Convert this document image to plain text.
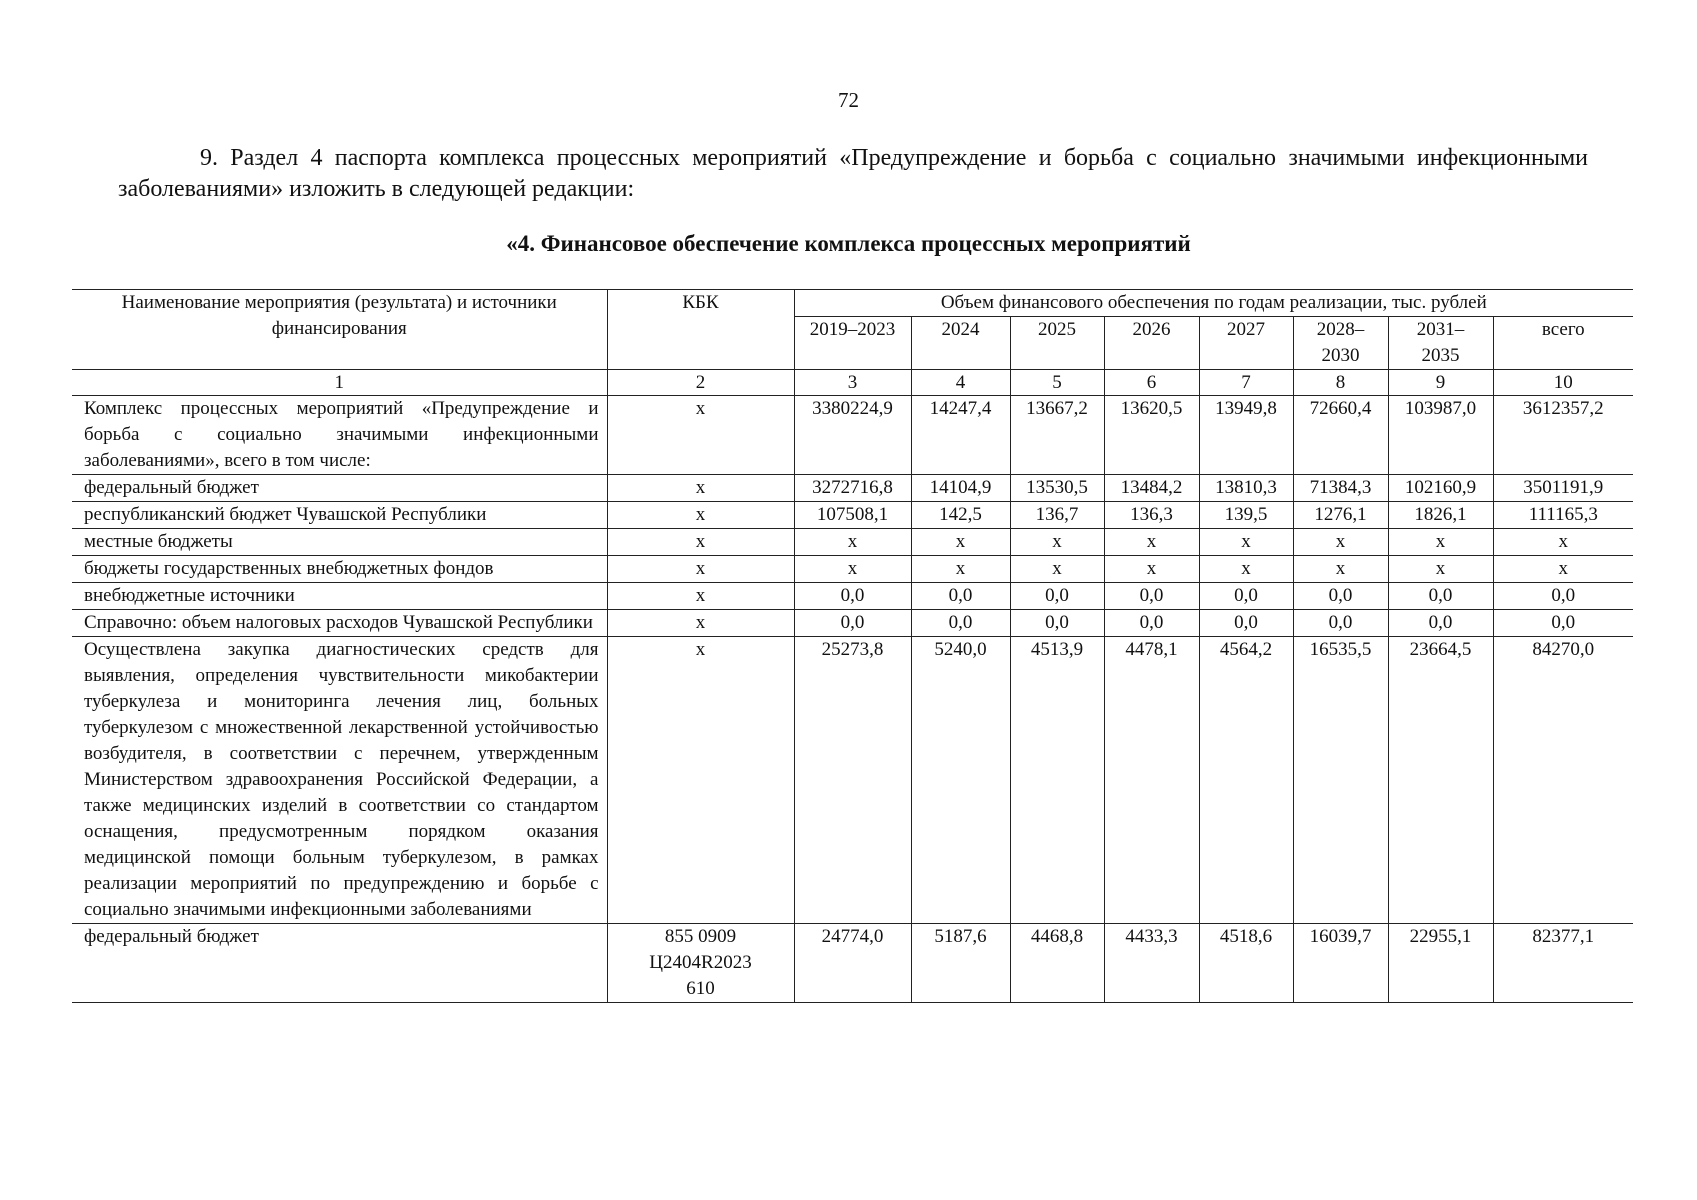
72
9. Раздел 4 паспорта комплекса процессных мероприятий «Предупреждение и борьба с социально значимыми инфекционными заболеваниями» изложить в следующей редакции:
«4. Финансовое обеспечение комплекса процессных мероприятий
Наименование мероприятия (результата) и источники финансирования	КБК	Объем финансового обеспечения по годам реализации, тыс. рублей							
		2019–2023	2024	2025	2026	2027	2028–2030	2031–2035	всего
1	2	3	4	5	6	7	8	9	10
Комплекс процессных мероприятий «Предупреждение и борьба с социально значимыми инфекционными заболеваниями», всего в том числе:	х	3380224,9	14247,4	13667,2	13620,5	13949,8	72660,4	103987,0	3612357,2
федеральный бюджет	х	3272716,8	14104,9	13530,5	13484,2	13810,3	71384,3	102160,9	3501191,9
республиканский бюджет Чувашской Республики	х	107508,1	142,5	136,7	136,3	139,5	1276,1	1826,1	111165,3
местные бюджеты	х	х	х	х	х	х	х	х	х
бюджеты государственных внебюджетных фондов	х	х	х	х	х	х	х	х	х
внебюджетные источники	х	0,0	0,0	0,0	0,0	0,0	0,0	0,0	0,0
Справочно: объем налоговых расходов Чувашской Республики	х	0,0	0,0	0,0	0,0	0,0	0,0	0,0	0,0
Осуществлена закупка диагностических средств для выявления, определения чувствительности микобактерии туберкулеза и мониторинга лечения лиц, больных туберкулезом с множественной лекарственной устойчивостью возбудителя, в соответствии с перечнем, утвержденным Министерством здравоохранения Российской Федерации, а также медицинских изделий в соответствии со стандартом оснащения, предусмотренным порядком оказания медицинской помощи больным туберкулезом, в рамках реализации мероприятий по предупреждению и борьбе с социально значимыми инфекционными заболеваниями	х	25273,8	5240,0	4513,9	4478,1	4564,2	16535,5	23664,5	84270,0
федеральный бюджет	855 0909 Ц2404R2023 610	24774,0	5187,6	4468,8	4433,3	4518,6	16039,7	22955,1	82377,1
